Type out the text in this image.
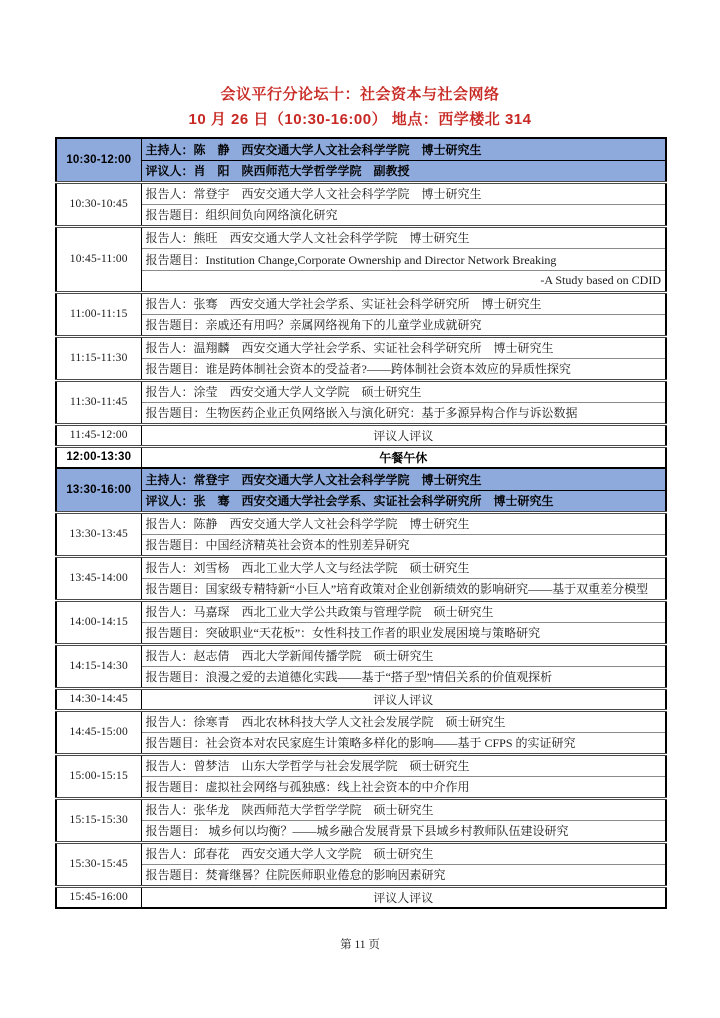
会议平行分论坛十：社会资本与社会网络
10 月 26 日（10:30-16:00） 地点：西学楼北 314
10:30-12:00	主持人：陈　静　西安交通大学人文社会科学学院　博士研究生
	评议人：肖　阳　陕西师范大学哲学学院　副教授
10:30-10:45	报告人：常登宇　西安交通大学人文社会科学学院　博士研究生
	报告题目：组织间负向网络演化研究
10:45-11:00	报告人：熊旺　西安交通大学人文社会科学学院　博士研究生
	报告题目：Institution Change,Corporate Ownership and Director Network Breaking
	-A Study based on CDID
11:00-11:15	报告人：张骞　西安交通大学社会学系、实证社会科学研究所　博士研究生
	报告题目：亲戚还有用吗？亲属网络视角下的儿童学业成就研究
11:15-11:30	报告人：温翔麟　西安交通大学社会学系、实证社会科学研究所　博士研究生
	报告题目：谁是跨体制社会资本的受益者?——跨体制社会资本效应的异质性探究
11:30-11:45	报告人：涂莹　西安交通大学人文学院　硕士研究生
	报告题目：生物医药企业正负网络嵌入与演化研究：基于多源异构合作与诉讼数据
11:45-12:00	评议人评议
12:00-13:30	午餐午休
13:30-16:00	主持人：常登宇　西安交通大学人文社会科学学院　博士研究生
	评议人：张　骞　西安交通大学社会学系、实证社会科学研究所　博士研究生
13:30-13:45	报告人：陈静　西安交通大学人文社会科学学院　博士研究生
	报告题目：中国经济精英社会资本的性别差异研究
13:45-14:00	报告人：刘雪杨　西北工业大学人文与经法学院　硕士研究生
	报告题目：国家级专精特新“小巨人”培育政策对企业创新绩效的影响研究——基于双重差分模型
14:00-14:15	报告人：马嘉琛　西北工业大学公共政策与管理学院　硕士研究生
	报告题目：突破职业“天花板”：女性科技工作者的职业发展困境与策略研究
14:15-14:30	报告人：赵志倩　西北大学新闻传播学院　硕士研究生
	报告题目：浪漫之爱的去道德化实践——基于“搭子型”情侣关系的价值观探析
14:30-14:45	评议人评议
14:45-15:00	报告人：徐寒青　西北农林科技大学人文社会发展学院　硕士研究生
	报告题目：社会资本对农民家庭生计策略多样化的影响——基于 CFPS 的实证研究
15:00-15:15	报告人：曾梦洁　山东大学哲学与社会发展学院　硕士研究生
	报告题目：虚拟社会网络与孤独感：线上社会资本的中介作用
15:15-15:30	报告人：张华龙　陕西师范大学哲学学院　硕士研究生
	报告题目： 城乡何以均衡？——城乡融合发展背景下县域乡村教师队伍建设研究
15:30-15:45	报告人：邱春花　西安交通大学人文学院　硕士研究生
	报告题目：焚膏继晷？住院医师职业倦怠的影响因素研究
15:45-16:00	评议人评议
第 11 页
